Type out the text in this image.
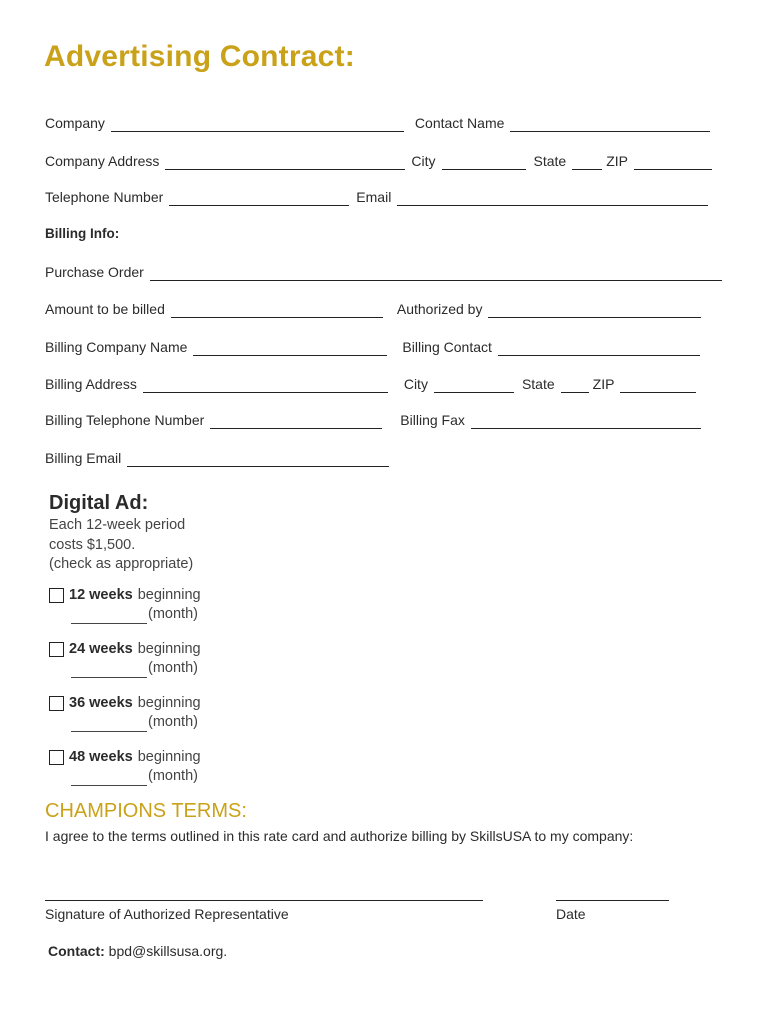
Advertising Contract:
Company	Contact Name
Company Address	City	State	ZIP
Telephone Number	Email
Billing Info:
Purchase Order
Amount to be billed	Authorized by
Billing Company Name	Billing Contact
Billing Address	City	State	ZIP
Billing Telephone Number	Billing Fax
Billing Email
Digital Ad:
Each 12-week period
costs $1,500.
(check as appropriate)
12 weeks beginning
(month)
24 weeks beginning
(month)
36 weeks beginning
(month)
48 weeks beginning
(month)
CHAMPIONS TERMS:
I agree to the terms outlined in this rate card and authorize billing by SkillsUSA to my company:
Signature of Authorized Representative	Date
Contact: bpd@skillsusa.org.
